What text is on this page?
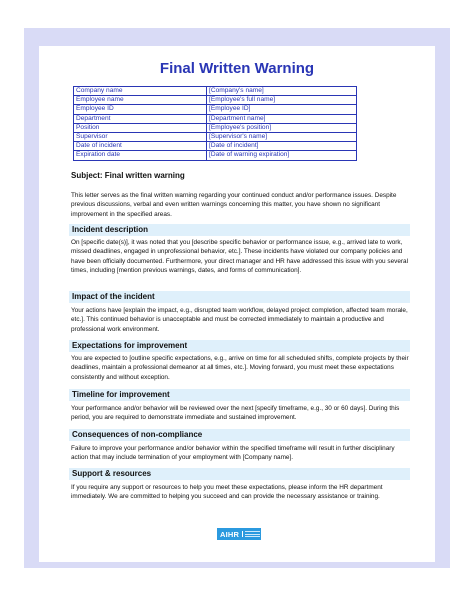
Final Written Warning
Company name	[Company's name]
Employee name	[Employee's full name]
Employee ID	[Employee ID]
Department	[Department name]
Position	[Employee's position]
Supervisor	[Supervisor's name]
Date of incident	[Date of incident]
Expiration date	[Date of warning expiration]
Subject: Final written warning
This letter serves as the final written warning regarding your continued conduct and/or performance issues. Despite previous discussions, verbal and even written warnings concerning this matter, you have shown no significant improvement in the specified areas.
Incident description
On [specific date(s)], it was noted that you [describe specific behavior or performance issue, e.g., arrived late to work, missed deadlines, engaged in unprofessional behavior, etc.]. These incidents have violated our company policies and have been officially documented. Furthermore, your direct manager and HR have addressed this issue with you several times, including [mention previous warnings, dates, and forms of communication].
Impact of the incident
Your actions have [explain the impact, e.g., disrupted team workflow, delayed project completion, affected team morale, etc.]. This continued behavior is unacceptable and must be corrected immediately to maintain a productive and professional work environment.
Expectations for improvement
You are expected to [outline specific expectations, e.g., arrive on time for all scheduled shifts, complete projects by their deadlines, maintain a professional demeanor at all times, etc.]. Moving forward, you must meet these expectations consistently and without exception.
Timeline for improvement
Your performance and/or behavior will be reviewed over the next [specify timeframe, e.g., 30 or 60 days]. During this period, you are required to demonstrate immediate and sustained improvement.
Consequences of non-compliance
Failure to improve your performance and/or behavior within the specified timeframe will result in further disciplinary action that may include termination of your employment with [Company name].
Support & resources
If you require any support or resources to help you meet these expectations, please inform the HR department immediately. We are committed to helping you succeed and can provide the necessary assistance or training.
AIHR
